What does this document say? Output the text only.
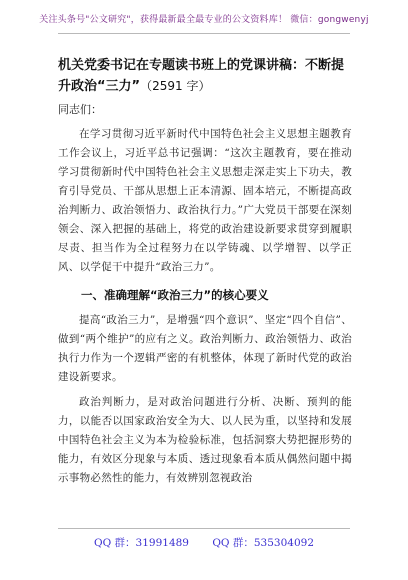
关注头条号"公文研究"，获得最新最全最专业的公文资料库！ 微信：gongwenyj
机关党委书记在专题读书班上的党课讲稿：不断提升政治“三力”（2591 字）

同志们：

在学习贯彻习近平新时代中国特色社会主义思想主题教育工作会议上，习近平总书记强调：“这次主题教育，要在推动学习贯彻新时代中国特色社会主义思想走深走实上下功夫，教育引导党员、干部从思想上正本清源、固本培元，不断提高政治判断力、政治领悟力、政治执行力。”广大党员干部要在深刻领会、深入把握的基础上，将党的政治建设新要求贯穿到履职尽责、担当作为全过程努力在以学铸魂、以学增智、以学正风、以学促干中提升“政治三力”。

一、准确理解“政治三力”的核心要义

提高“政治三力”，是增强“四个意识”、坚定“四个自信”、做到“两个维护”的应有之义。政治判断力、政治领悟力、政治执行力作为一个逻辑严密的有机整体，体现了新时代党的政治建设新要求。

政治判断力，是对政治问题进行分析、决断、预判的能力，以能否以国家政治安全为大、以人民为重，以坚持和发展中国特色社会主义为本为检验标准，包括洞察大势把握形势的能力，有效区分现象与本质、透过现象看本质从偶然问题中揭示事物必然性的能力，有效辨别忽视政治

QQ 群：31991489 QQ 群：535304092
